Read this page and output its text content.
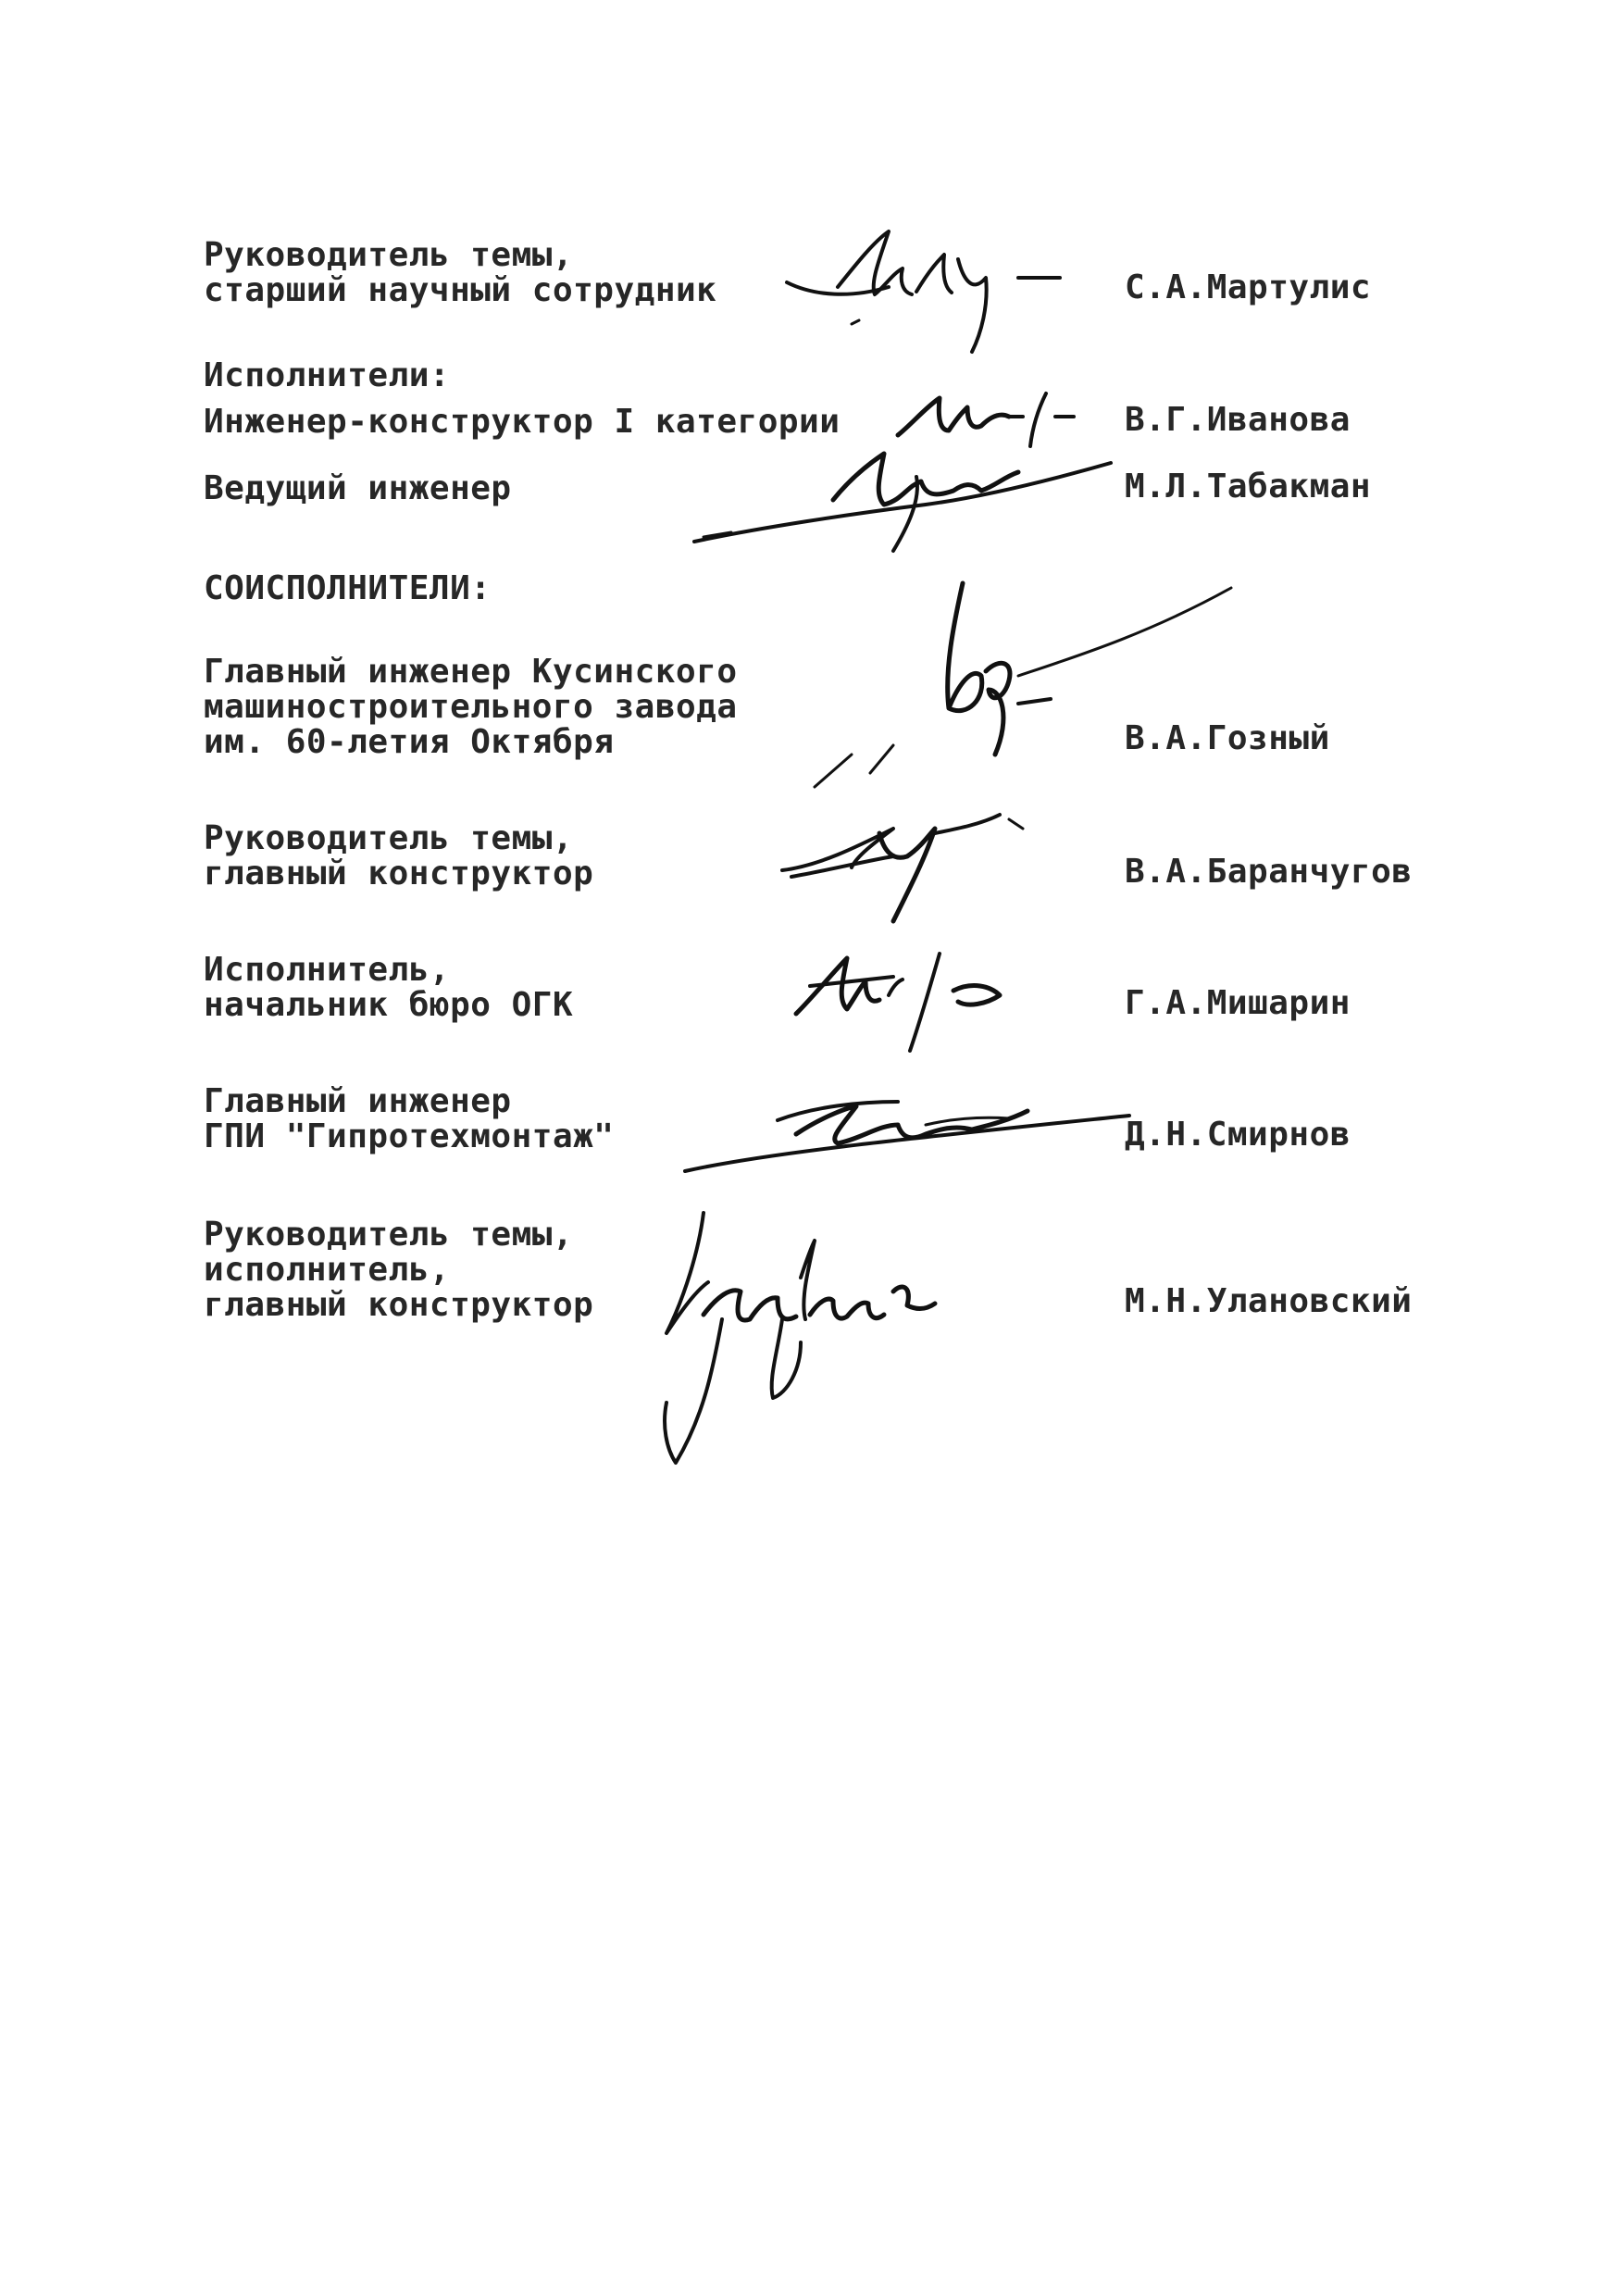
Руководитель темы,
старший научный сотрудник	С.А.Мартулис
Исполнители:
Инженер-конструктор I категории	В.Г.Иванова
Ведущий инженер	М.Л.Табакман
СОИСПОЛНИТЕЛИ:
Главный инженер Кусинского
машиностроительного завода
им. 60-летия Октября	В.А.Гозный
Руководитель темы,
главный конструктор	В.А.Баранчугов
Исполнитель,
начальник бюро ОГК	Г.А.Мишарин
Главный инженер
ГПИ "Гипротехмонтаж"	Д.Н.Смирнов
Руководитель темы,
исполнитель,
главный конструктор	М.Н.Улановский
